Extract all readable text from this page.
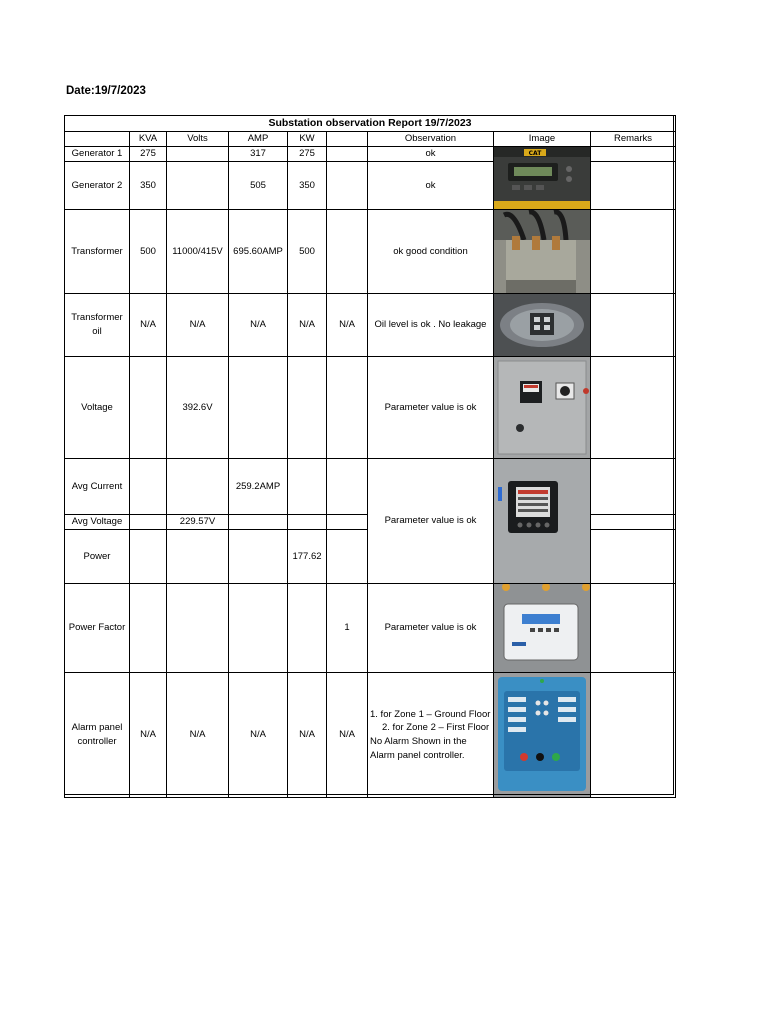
Date:19/7/2023
Substation observation Report 19/7/2023								
	KVA	Volts	AMP	KW		Observation	Image	Remarks
Generator 1	275		317	275		ok	CAT	

Generator 2	350		505	350		ok		
Transformer	500	11000/415V	695.60AMP	500		ok good condition	

Transformer oil	N/A	N/A	N/A	N/A	N/A	Oil level is ok . No leakage	

Voltage		392.6V				Parameter value is ok	

Avg Current			259.2AMP			Parameter value is ok	

Avg Voltage		229.57V						
Power				177.62				
Power Factor					1	Parameter value is ok	

Alarm panel controller	N/A	N/A	N/A	N/A	N/A	1. for Zone 1 – Ground Floor
2. for Zone 2 – First Floor
No Alarm Shown in the Alarm panel controller.
